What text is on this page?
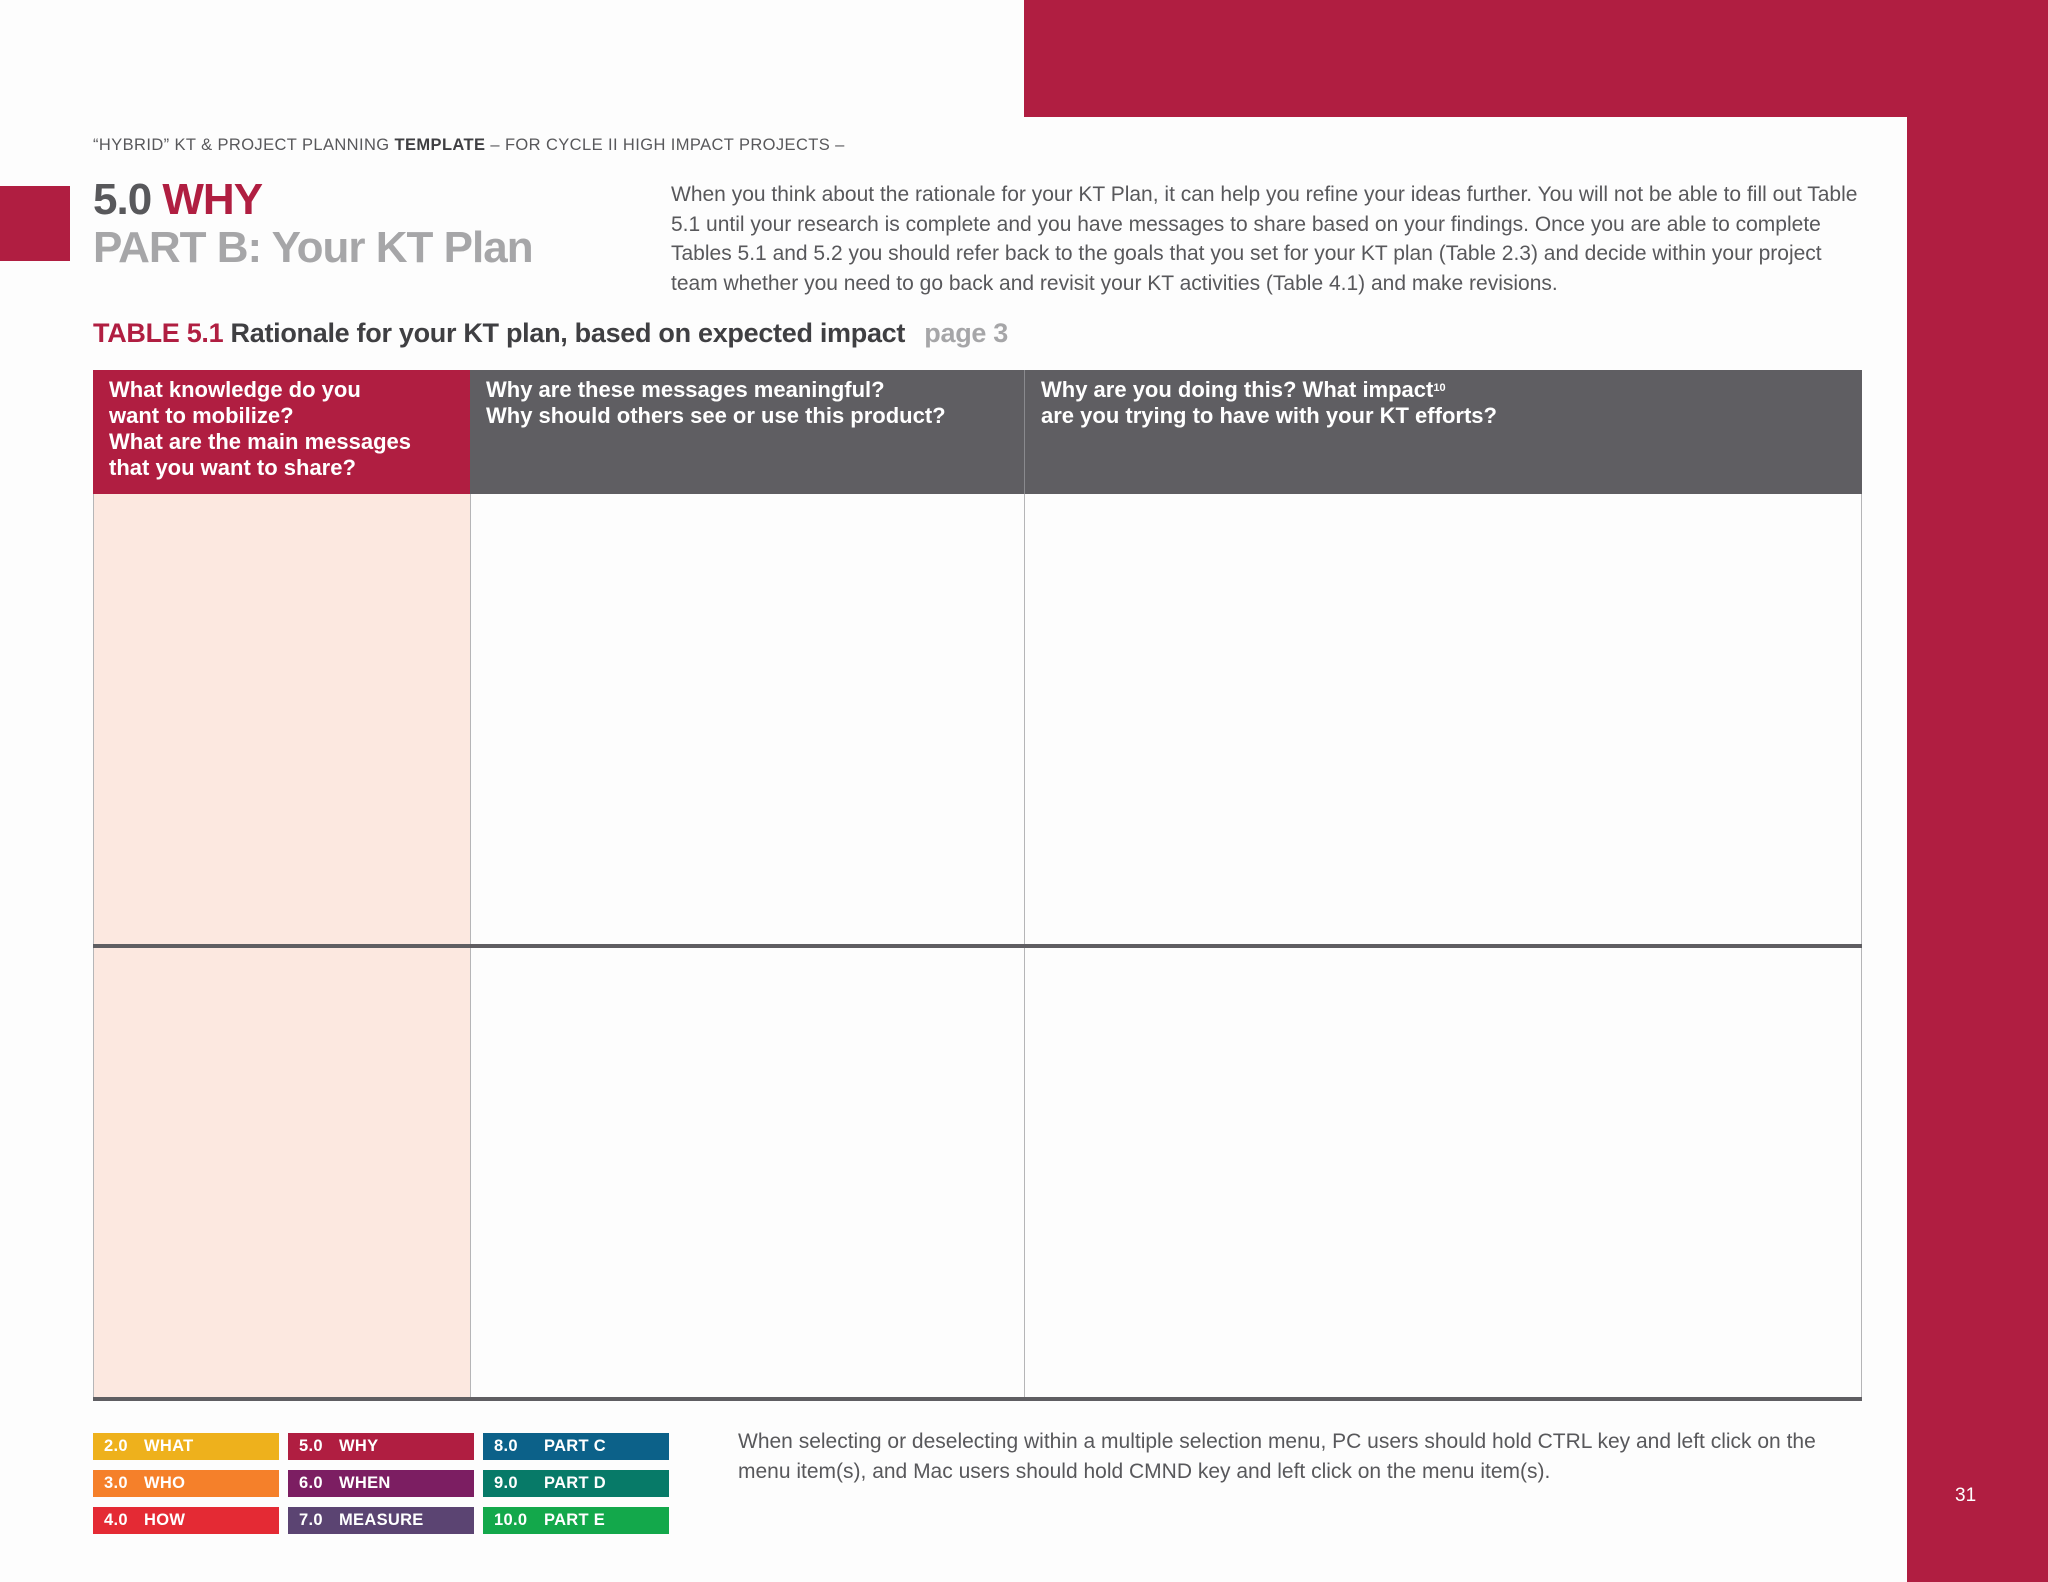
“HYBRID” KT & PROJECT PLANNING TEMPLATE – FOR CYCLE II HIGH IMPACT PROJECTS –
5.0 WHY
PART B: Your KT Plan
When you think about the rationale for your KT Plan, it can help you refine your ideas further. You will not be able to fill out Table 5.1 until your research is complete and you have messages to share based on your findings. Once you are able to complete Tables 5.1 and 5.2 you should refer back to the goals that you set for your KT plan (Table 2.3) and decide within your project team whether you need to go back and revisit your KT activities (Table 4.1) and make revisions.
TABLE 5.1 Rationale for your KT plan, based on expected impact page 3
What knowledge do you
want to mobilize?
What are the main messages
that you want to share?
Why are these messages meaningful?
Why should others see or use this product?
Why are you doing this? What impact$^{10}$
are you trying to have with your KT efforts?
2.0 WHAT
3.0 WHO
4.0 HOW
5.0 WHY
6.0 WHEN
7.0 MEASURE
8.0 PART C
9.0 PART D
10.0 PART E
When selecting or deselecting within a multiple selection menu, PC users should hold CTRL key and left click on the menu item(s), and Mac users should hold CMND key and left click on the menu item(s).
31
